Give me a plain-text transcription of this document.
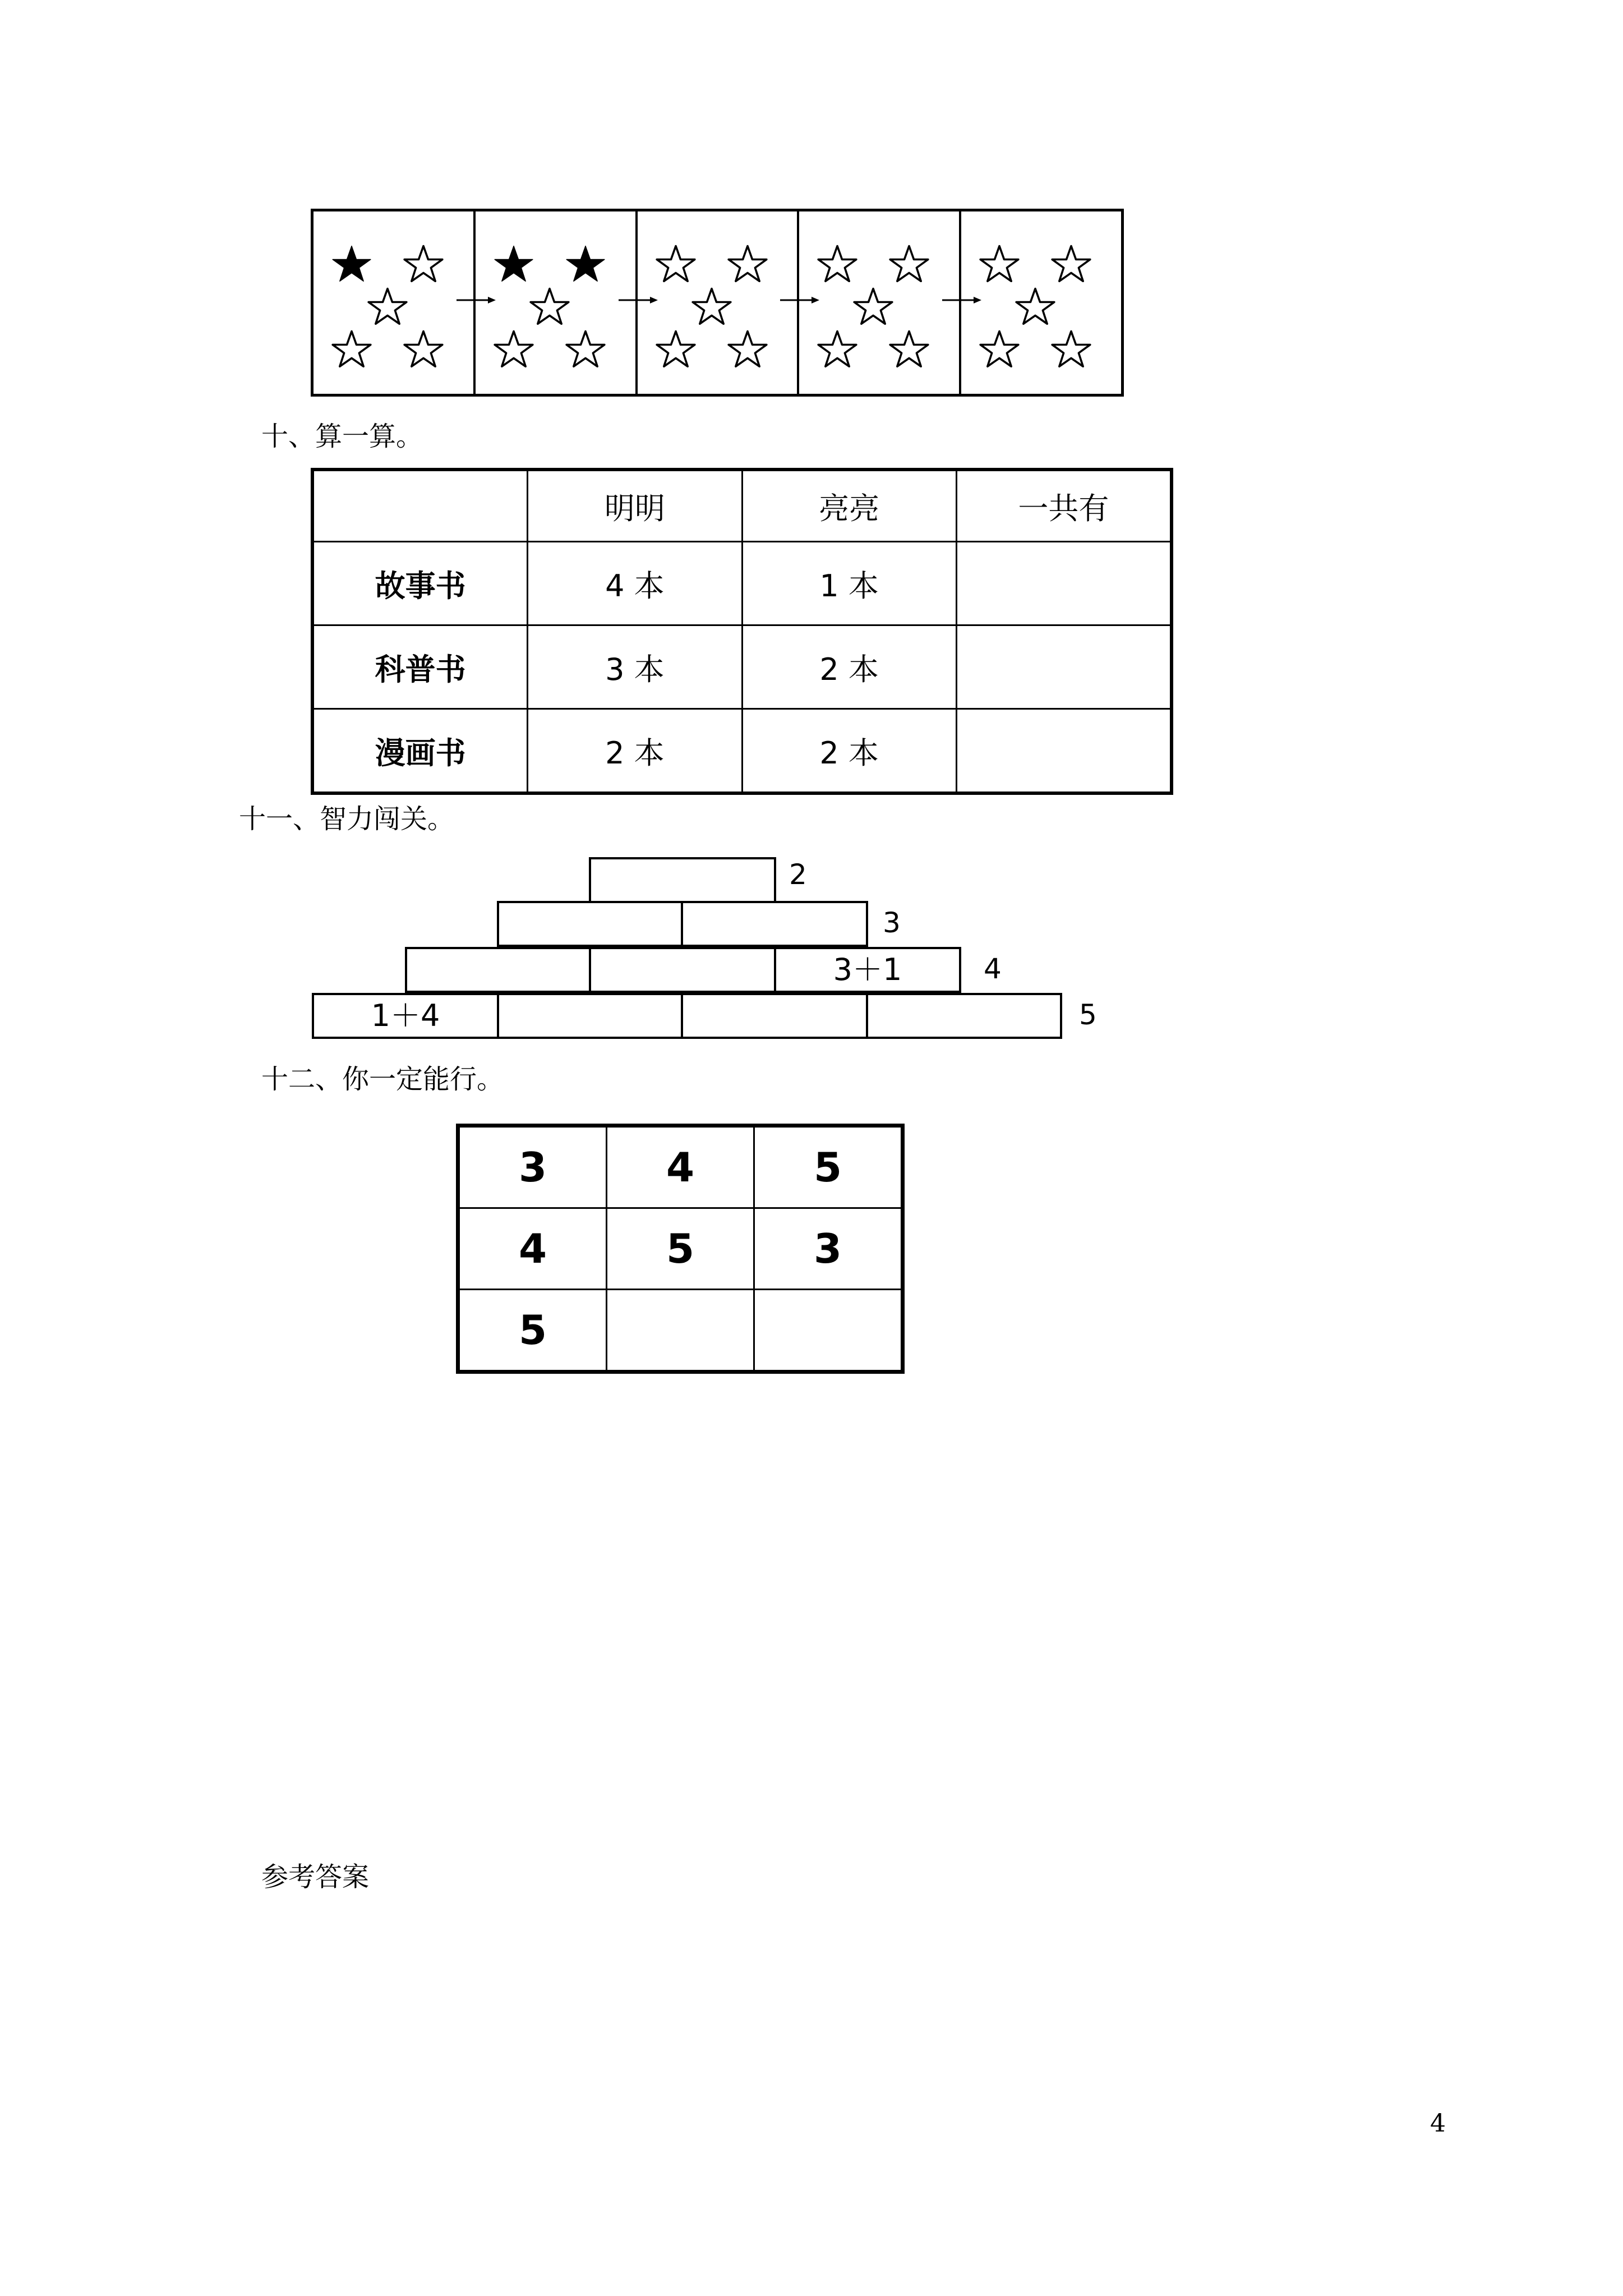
十、算一算。
	明明	亮亮	一共有
故事书	4 本	1 本	
科普书	3 本	2 本	
漫画书	2 本	2 本	
十一、智力闯关。
2
3
3＋1	4
1＋4	5
十二、你一定能行。
3	4	5
4	5	3
5		
参考答案
4
